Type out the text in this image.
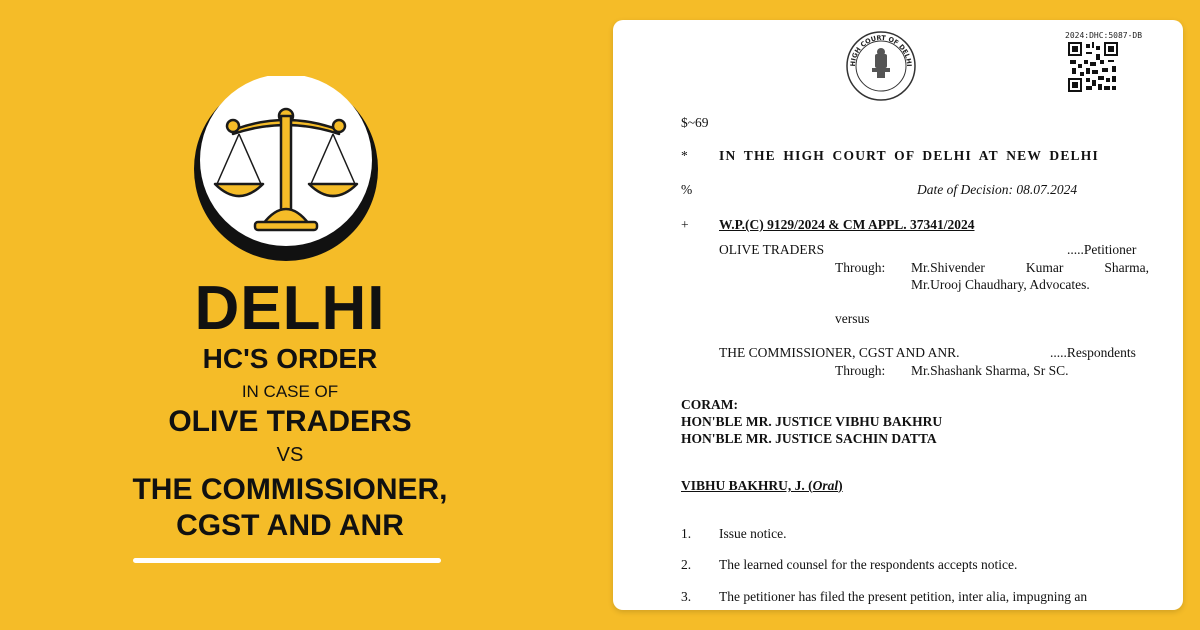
DELHI
HC'S ORDER
IN CASE OF
OLIVE TRADERS
VS
THE COMMISSIONER,
CGST AND ANR
HIGH COURT OF DELHI
2024:DHC:5087-DB
$~69
* IN THE HIGH COURT OF DELHI AT NEW DELHI
%	Date of Decision: 08.07.2024
+ W.P.(C) 9129/2024 & CM APPL. 37341/2024
OLIVE TRADERS	.....Petitioner
Through: Mr.Shivender	Kumar	Sharma,
Mr.Urooj Chaudhary, Advocates.
versus
THE COMMISSIONER, CGST AND ANR.	.....Respondents
Through: Mr.Shashank Sharma, Sr SC.
CORAM:
HON'BLE MR. JUSTICE VIBHU BAKHRU
HON'BLE MR. JUSTICE SACHIN DATTA
VIBHU BAKHRU, J. (Oral)
1. Issue notice.
2. The learned counsel for the respondents accepts notice.
3. The petitioner has filed the present petition, inter alia, impugning an
